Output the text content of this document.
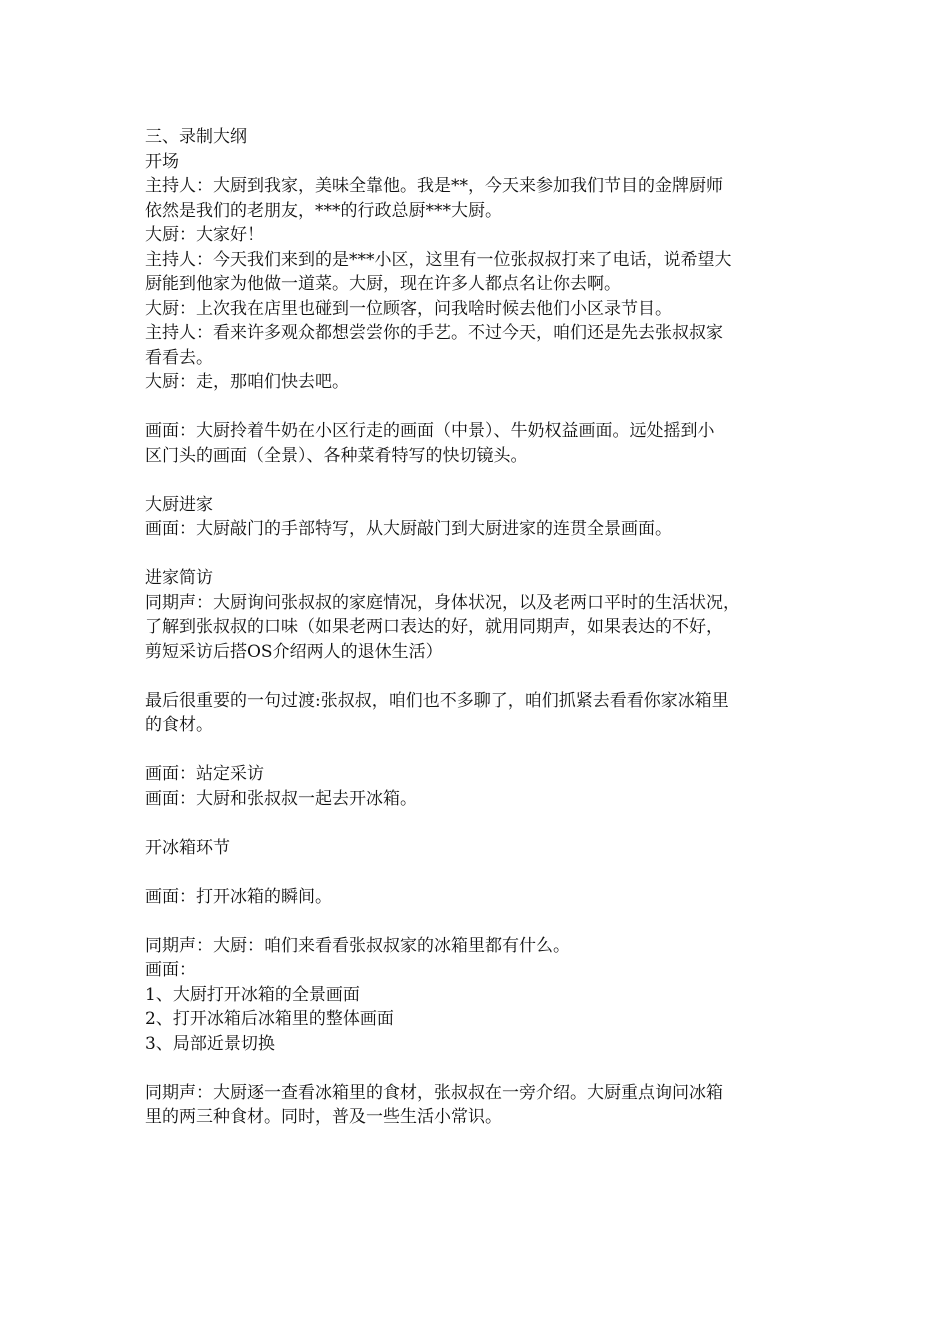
三、录制大纲
开场
主持人：大厨到我家，美味全靠他。我是**，今天来参加我们节目的金牌厨师
依然是我们的老朋友，***的行政总厨***大厨。
大厨：大家好！
主持人：今天我们来到的是***小区，这里有一位张叔叔打来了电话，说希望大
厨能到他家为他做一道菜。大厨，现在许多人都点名让你去啊。
大厨：上次我在店里也碰到一位顾客，问我啥时候去他们小区录节目。
主持人：看来许多观众都想尝尝你的手艺。不过今天，咱们还是先去张叔叔家
看看去。
大厨：走，那咱们快去吧。
画面：大厨拎着牛奶在小区行走的画面（中景）、牛奶权益画面。远处摇到小
区门头的画面（全景）、各种菜肴特写的快切镜头。
大厨进家
画面：大厨敲门的手部特写，从大厨敲门到大厨进家的连贯全景画面。
进家简访
同期声：大厨询问张叔叔的家庭情况，身体状况，以及老两口平时的生活状况，
了解到张叔叔的口味（如果老两口表达的好，就用同期声，如果表达的不好，
剪短采访后搭OS介绍两人的退休生活）
最后很重要的一句过渡:张叔叔，咱们也不多聊了，咱们抓紧去看看你家冰箱里
的食材。
画面：站定采访
画面：大厨和张叔叔一起去开冰箱。
开冰箱环节
画面：打开冰箱的瞬间。
同期声：大厨：咱们来看看张叔叔家的冰箱里都有什么。
画面：
1、大厨打开冰箱的全景画面
2、打开冰箱后冰箱里的整体画面
3、局部近景切换
同期声：大厨逐一查看冰箱里的食材，张叔叔在一旁介绍。大厨重点询问冰箱
里的两三种食材。同时，普及一些生活小常识。
